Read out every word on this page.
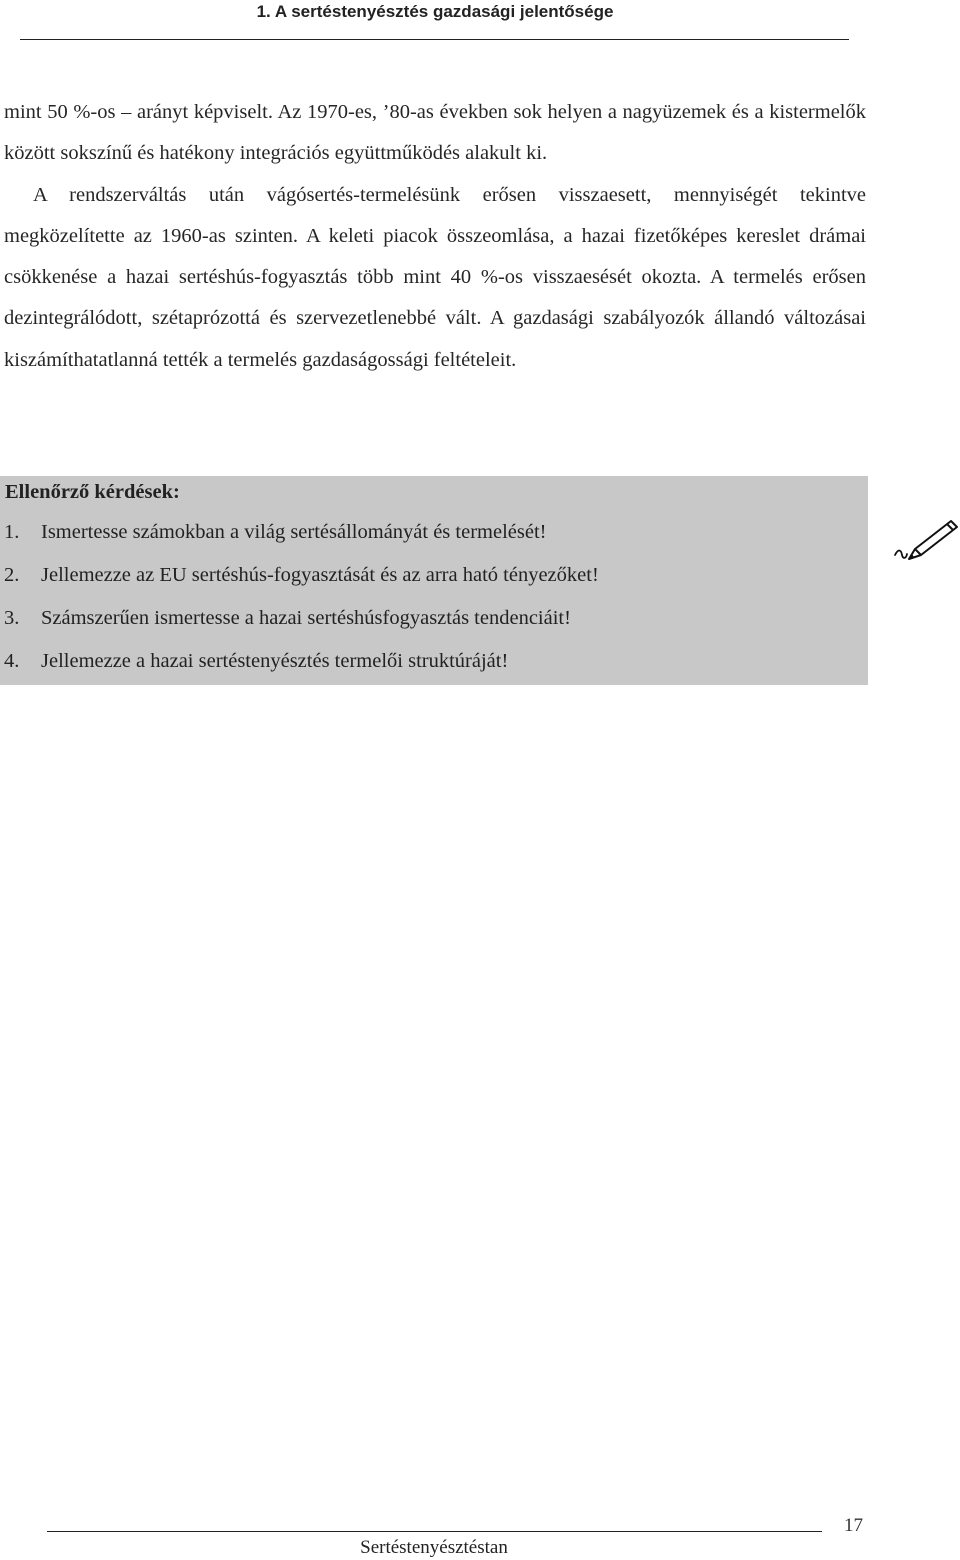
1. A sertéstenyésztés gazdasági jelentősége

mint 50 %-os – arányt képviselt. Az 1970-es, ’80-as években sok helyen a nagyüzemek és a kistermelők között sokszínű és hatékony integrációs együttműködés alakult ki.

A rendszerváltás után vágósertés-termelésünk erősen visszaesett, mennyiségét tekintve megközelítette az 1960-as szinten. A keleti piacok összeomlása, a hazai fizetőképes kereslet drámai csökkenése a hazai sertéshús-fogyasztás több mint 40 %-os visszaesését okozta. A termelés erősen dezintegrálódott, szétaprózottá és szervezetlenebbé vált. A gazdasági szabályozók állandó változásai kiszámíthatatlanná tették a termelés gazdaságossági feltételeit.

Ellenőrző kérdések:
1. Ismertesse számokban a világ sertésállományát és termelését!
2. Jellemezze az EU sertéshús-fogyasztását és az arra ható tényezőket!
3. Számszerűen ismertesse a hazai sertéshúsfogyasztás tendenciáit!
4. Jellemezze a hazai sertéstenyésztés termelői struktúráját!
17
Sertéstenyésztéstan
